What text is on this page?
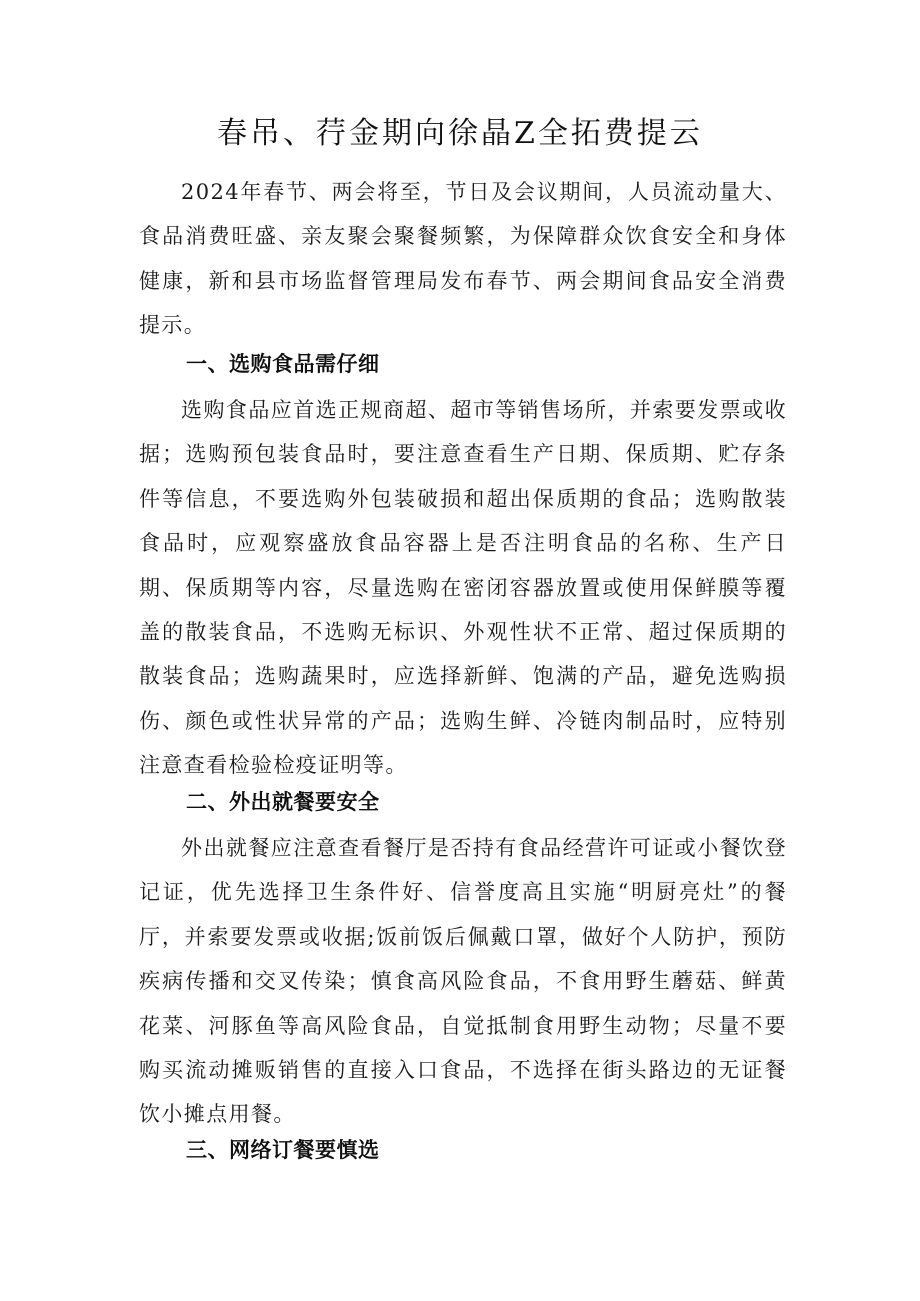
春吊、荇金期向徐晶Z全拓费提云

2024年春节、两会将至，节日及会议期间，人员流动量大、食品消费旺盛、亲友聚会聚餐频繁，为保障群众饮食安全和身体健康，新和县市场监督管理局发布春节、两会期间食品安全消费提示。

一、选购食品需仔细

选购食品应首选正规商超、超市等销售场所，并索要发票或收据；选购预包装食品时，要注意查看生产日期、保质期、贮存条件等信息，不要选购外包装破损和超出保质期的食品；选购散装食品时，应观察盛放食品容器上是否注明食品的名称、生产日期、保质期等内容，尽量选购在密闭容器放置或使用保鲜膜等覆盖的散装食品，不选购无标识、外观性状不正常、超过保质期的散装食品；选购蔬果时，应选择新鲜、饱满的产品，避免选购损伤、颜色或性状异常的产品；选购生鲜、冷链肉制品时，应特别注意查看检验检疫证明等。

二、外出就餐要安全

外出就餐应注意查看餐厅是否持有食品经营许可证或小餐饮登记证，优先选择卫生条件好、信誉度高且实施“明厨亮灶”的餐厅，并索要发票或收据;饭前饭后佩戴口罩，做好个人防护，预防疾病传播和交叉传染；慎食高风险食品，不食用野生蘑菇、鲜黄花菜、河豚鱼等高风险食品，自觉抵制食用野生动物；尽量不要购买流动摊贩销售的直接入口食品，不选择在街头路边的无证餐饮小摊点用餐。

三、网络订餐要慎选
